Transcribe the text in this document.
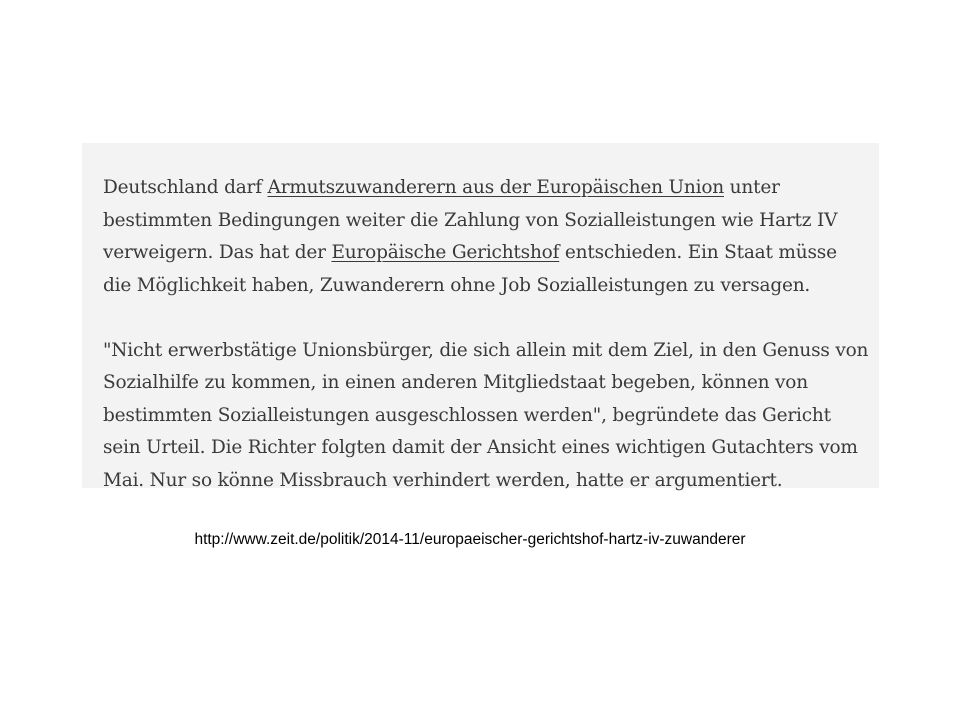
Deutschland darf Armutszuwanderern aus der Europäischen Union unter bestimmten Bedingungen weiter die Zahlung von Sozialleistungen wie Hartz IV verweigern. Das hat der Europäische Gerichtshof entschieden. Ein Staat müsse die Möglichkeit haben, Zuwanderern ohne Job Sozialleistungen zu versagen.

"Nicht erwerbstätige Unionsbürger, die sich allein mit dem Ziel, in den Genuss von Sozialhilfe zu kommen, in einen anderen Mitgliedstaat begeben, können von bestimmten Sozialleistungen ausgeschlossen werden", begründete das Gericht sein Urteil. Die Richter folgten damit der Ansicht eines wichtigen Gutachters vom Mai. Nur so könne Missbrauch verhindert werden, hatte er argumentiert.

http://www.zeit.de/politik/2014-11/europaeischer-gerichtshof-hartz-iv-zuwanderer
